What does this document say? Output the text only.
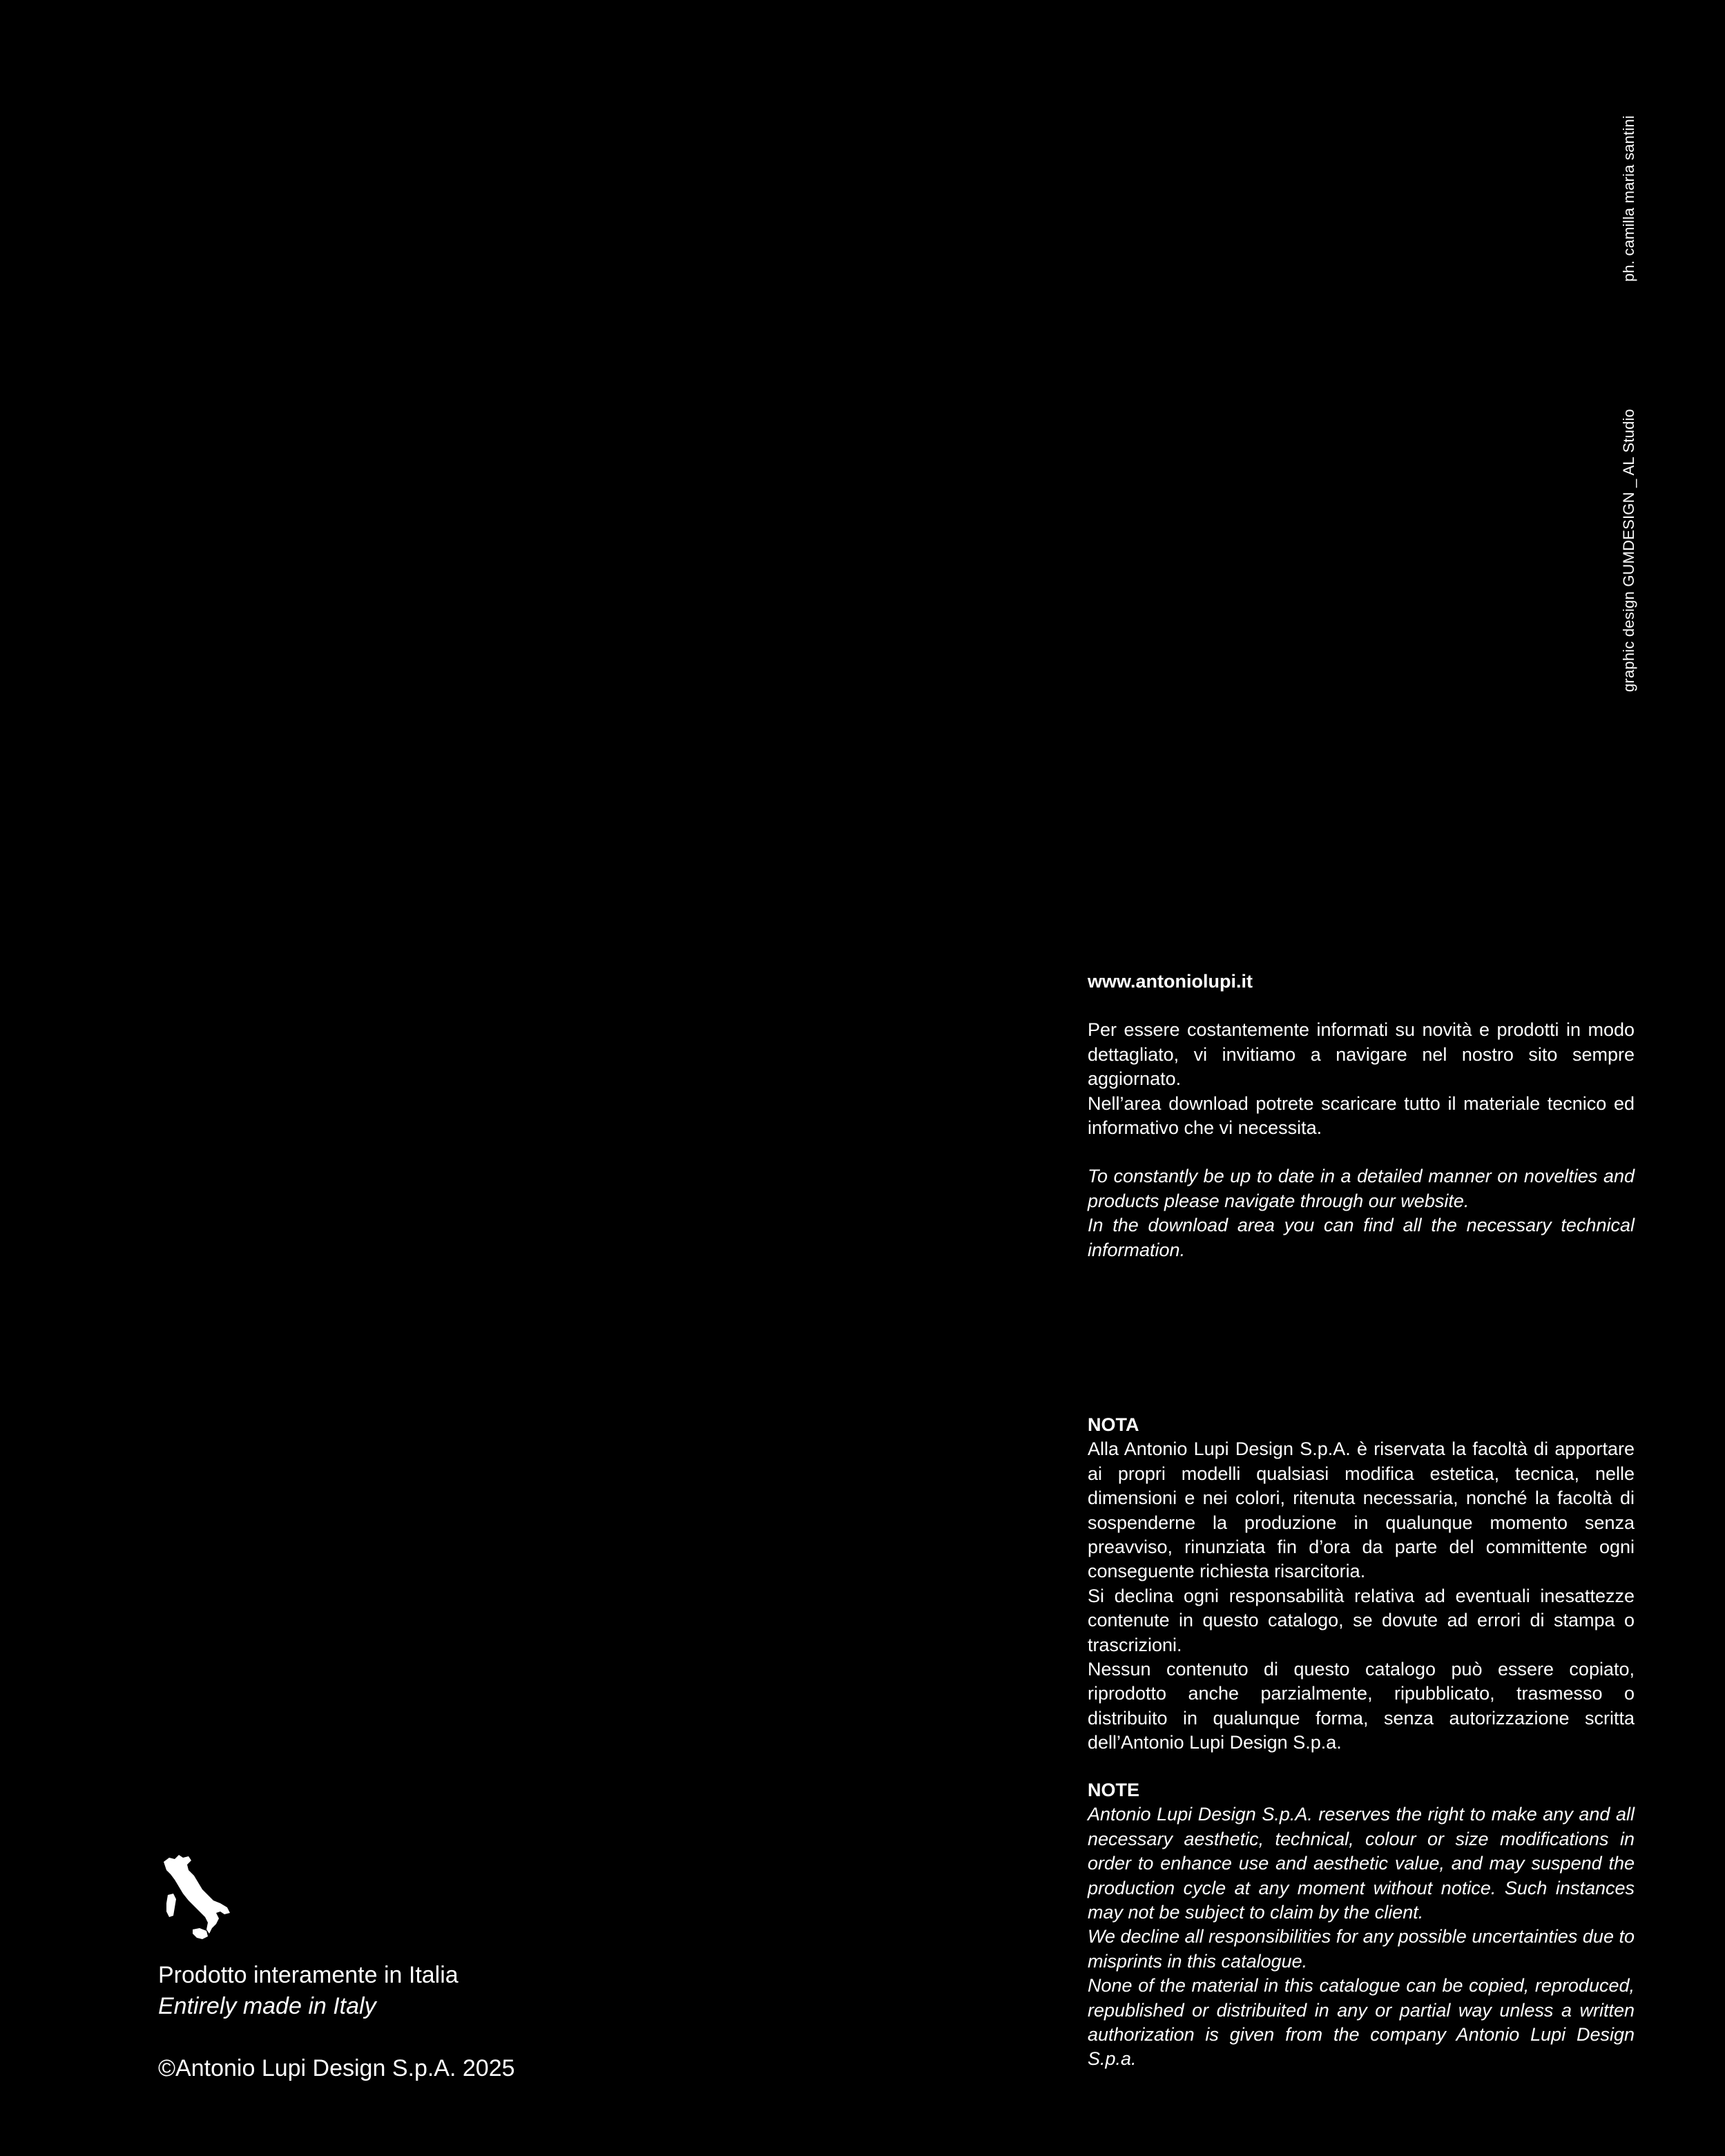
ph. camilla maria santini
graphic design GUMDESIGN _ AL Studio

www.antoniolupi.it

Per essere costantemente informati su novità e prodotti in modo dettagliato, vi invitiamo a navigare nel nostro sito sempre aggiornato.

Nell’area download potrete scaricare tutto il materiale tecnico ed informativo che vi necessita.

To constantly be up to date in a detailed manner on novelties and products please navigate through our website.

In the download area you can find all the necessary technical information.

NOTA

Alla Antonio Lupi Design S.p.A. è riservata la facoltà di apportare ai propri modelli qualsiasi modifica estetica, tecnica, nelle dimensioni e nei colori, ritenuta necessaria, nonché la facoltà di sospenderne la produzione in qualunque momento senza preavviso, rinunziata fin d’ora da parte del committente ogni conseguente richiesta risarcitoria.

Si declina ogni responsabilità relativa ad eventuali inesattezze contenute in questo catalogo, se dovute ad errori di stampa o trascrizioni.

Nessun contenuto di questo catalogo può essere copiato, riprodotto anche parzialmente, ripubblicato, trasmesso o distribuito in qualunque forma, senza autorizzazione scritta dell’Antonio Lupi Design S.p.a.

NOTE

Antonio Lupi Design S.p.A. reserves the right to make any and all necessary aesthetic, technical, colour or size modifications in order to enhance use and aesthetic value, and may suspend the production cycle at any moment without notice. Such instances may not be subject to claim by the client.

We decline all responsibilities for any possible uncertainties due to misprints in this catalogue.

None of the material in this catalogue can be copied, reproduced, republished or distribuited in any or partial way unless a written authorization is given from the company Antonio Lupi Design S.p.a.

Prodotto interamente in Italia

Entirely made in Italy

©Antonio Lupi Design S.p.A. 2025
